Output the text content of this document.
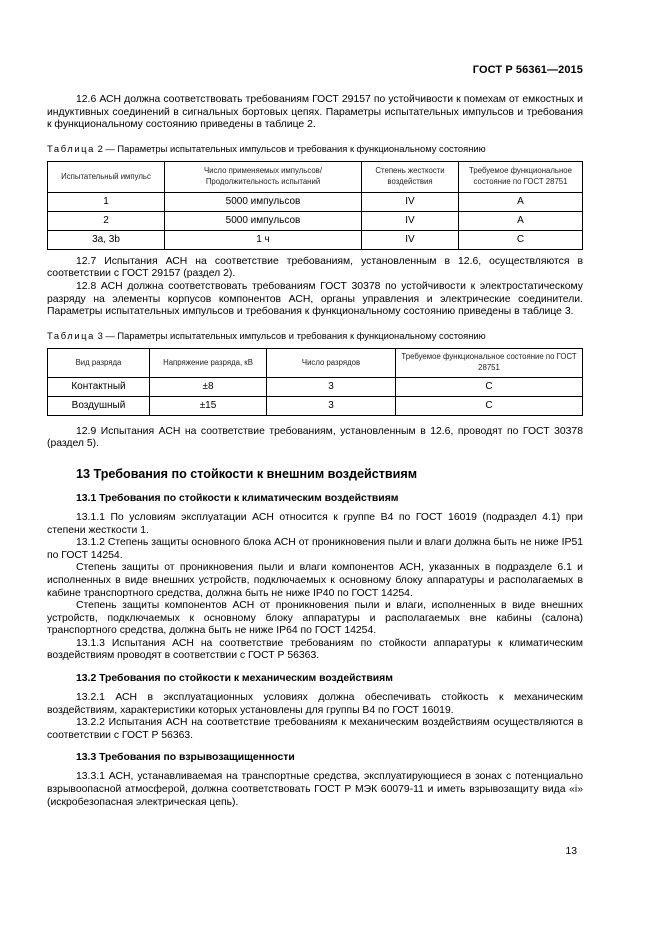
ГОСТ Р 56361—2015

12.6 АСН должна соответствовать требованиям ГОСТ 29157 по устойчивости к помехам от емкостных и индуктивных соединений в сигнальных бортовых цепях. Параметры испытательных импульсов и требования к функциональному состоянию приведены в таблице 2.

Таблица 2 — Параметры испытательных импульсов и требования к функциональному состоянию

Испытательный импульс	Число применяемых импульсов/ Продолжительность испытаний	Степень жесткости воздействия	Требуемое функциональное состояние по ГОСТ 28751
1	5000 импульсов	IV	A
2	5000 импульсов	IV	A
3a, 3b	1 ч	IV	C

12.7 Испытания АСН на соответствие требованиям, установленным в 12.6, осуществляются в соответствии с ГОСТ 29157 (раздел 2).

12.8 АСН должна соответствовать требованиям ГОСТ 30378 по устойчивости к электростатическому разряду на элементы корпусов компонентов АСН, органы управления и электрические соединители. Параметры испытательных импульсов и требования к функциональному состоянию приведены в таблице 3.

Таблица 3 — Параметры испытательных импульсов и требования к функциональному состоянию

Вид разряда	Напряжение разряда, кВ	Число разрядов	Требуемое функциональное состояние по ГОСТ 28751
Контактный	±8	3	C
Воздушный	±15	3	C

12.9 Испытания АСН на соответствие требованиям, установленным в 12.6, проводят по ГОСТ 30378 (раздел 5).

13 Требования по стойкости к внешним воздействиям
13.1 Требования по стойкости к климатическим воздействиям

13.1.1 По условиям эксплуатации АСН относится к группе В4 по ГОСТ 16019 (подраздел 4.1) при степени жесткости 1.

13.1.2 Степень защиты основного блока АСН от проникновения пыли и влаги должна быть не ниже IP51 по ГОСТ 14254.

Степень защиты от проникновения пыли и влаги компонентов АСН, указанных в подразделе 6.1 и исполненных в виде внешних устройств, подключаемых к основному блоку аппаратуры и располагаемых в кабине транспортного средства, должна быть не ниже IP40 по ГОСТ 14254.

Степень защиты компонентов АСН от проникновения пыли и влаги, исполненных в виде внешних устройств, подключаемых к основному блоку аппаратуры и располагаемых вне кабины (салона) транспортного средства, должна быть не ниже IP64 по ГОСТ 14254.

13.1.3 Испытания АСН на соответствие требованиям по стойкости аппаратуры к климатическим воздействиям проводят в соответствии с ГОСТ Р 56363.

13.2 Требования по стойкости к механическим воздействиям

13.2.1 АСН в эксплуатационных условиях должна обеспечивать стойкость к механическим воздействиям, характеристики которых установлены для группы В4 по ГОСТ 16019.

13.2.2 Испытания АСН на соответствие требованиям к механическим воздействиям осуществляются в соответствии с ГОСТ Р 56363.

13.3 Требования по взрывозащищенности

13.3.1 АСН, устанавливаемая на транспортные средства, эксплуатирующиеся в зонах с потенциально взрывоопасной атмосферой, должна соответствовать ГОСТ Р МЭК 60079-11 и иметь взрывозащиту вида «i» (искробезопасная электрическая цепь).

13
